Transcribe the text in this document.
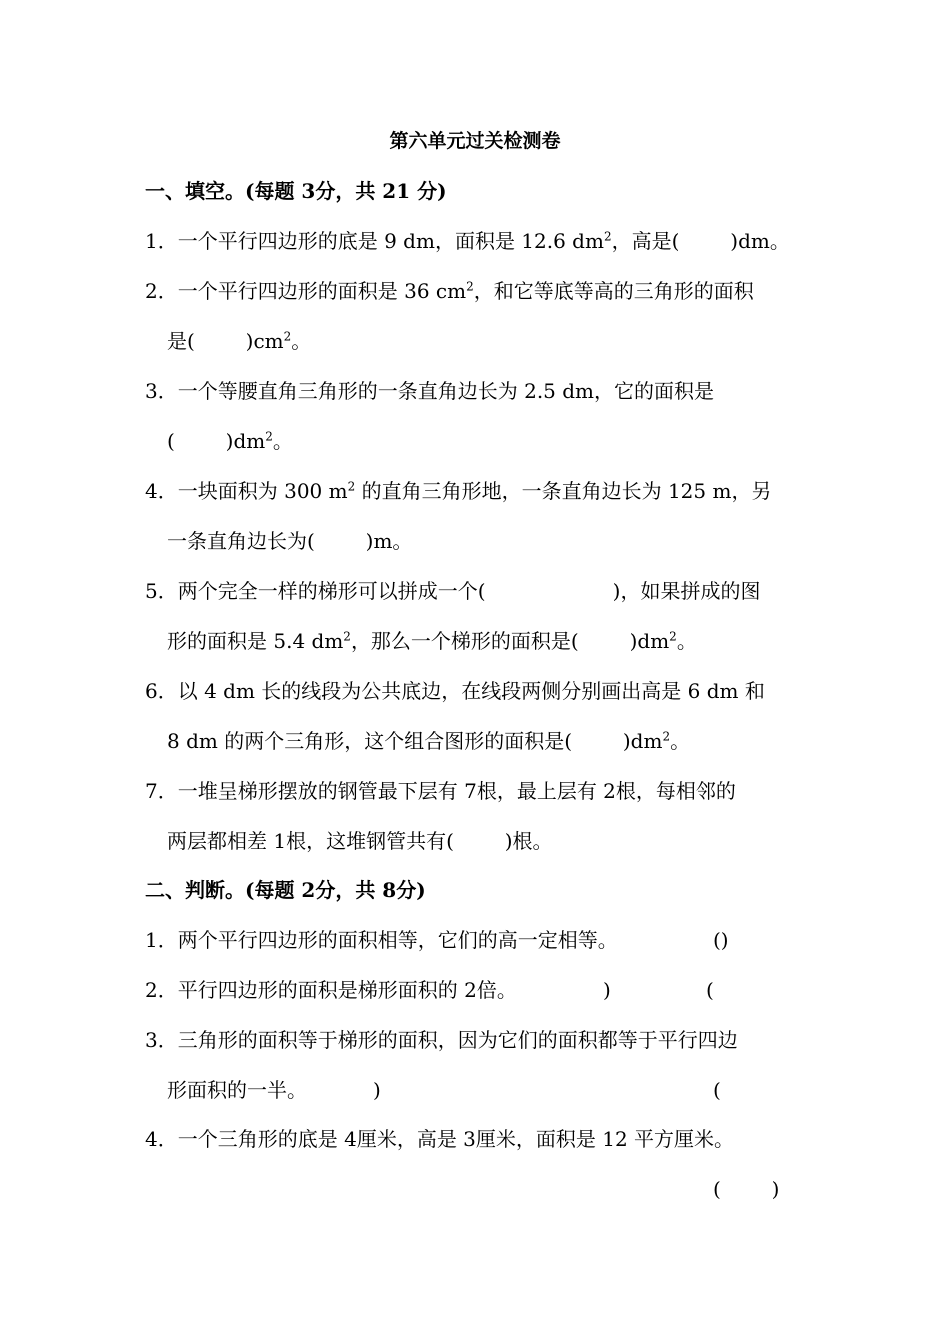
第六单元过关检测卷
一、填空。(每题 3分，共 21 分)
1．一个平行四边形的底是 9 dm，面积是 12.6 $dm^2$，高是(        )dm。
2．一个平行四边形的面积是 36 $cm^2$，和它等底等高的三角形的面积
是(        )$cm^2$。
3．一个等腰直角三角形的一条直角边长为 2.5 dm，它的面积是
(        )$dm^2$。
4．一块面积为 300 $m^2$ 的直角三角形地，一条直角边长为 125 m，另
一条直角边长为(        )m。
5．两个完全一样的梯形可以拼成一个(                    )，如果拼成的图
形的面积是 5.4 $dm^2$，那么一个梯形的面积是(        )$dm^2$。
6．以 4 dm 长的线段为公共底边，在线段两侧分别画出高是 6 dm 和
8 dm 的两个三角形，这个组合图形的面积是(        )$dm^2$。
7．一堆呈梯形摆放的钢管最下层有 7根，最上层有 2根，每相邻的
两层都相差 1根，这堆钢管共有(        )根。
二、判断。(每题 2分，共 8分)
1．两个平行四边形的面积相等，它们的高一定相等。	()
2．平行四边形的面积是梯形面积的 2倍。	)	(
3．三角形的面积等于梯形的面积，因为它们的面积都等于平行四边
形面积的一半。	)	(
4．一个三角形的底是 4厘米，高是 3厘米，面积是 12 平方厘米。
(        )
